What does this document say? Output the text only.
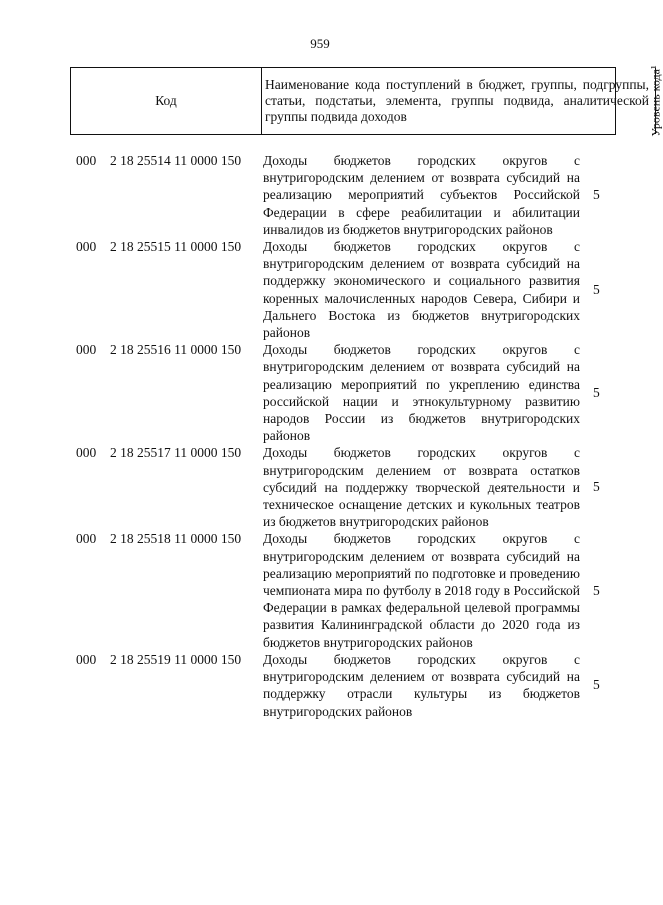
959
Код
Наименование кода поступлений в бюджет, группы, подгруппы, статьи, подстатьи, элемента, группы подвида, аналитической группы подвида доходов	Уровень кода¹
000 2 18 25514 11 0000 150 Доходы бюджетов городских округов с внутригородским делением от возврата субсидий на реализацию мероприятий субъектов Российской Федерации в сфере реабилитации и абилитации инвалидов из бюджетов внутригородских районов
5
000 2 18 25515 11 0000 150 Доходы бюджетов городских округов с внутригородским делением от возврата субсидий на поддержку экономического и социального развития коренных малочисленных народов Севера, Сибири и Дальнего Востока из бюджетов внутригородских районов
5
000 2 18 25516 11 0000 150 Доходы бюджетов городских округов с внутригородским делением от возврата субсидий на реализацию мероприятий по укреплению единства российской нации и этнокультурному развитию народов России из бюджетов внутригородских районов
5
000 2 18 25517 11 0000 150 Доходы бюджетов городских округов с внутригородским делением от возврата остатков субсидий на поддержку творческой деятельности и техническое оснащение детских и кукольных театров из бюджетов внутригородских районов
5
000 2 18 25518 11 0000 150 Доходы бюджетов городских округов с внутригородским делением от возврата субсидий на реализацию мероприятий по подготовке и проведению чемпионата мира по футболу в 2018 году в Российской Федерации в рамках федеральной целевой программы развития Калининградской области до 2020 года из бюджетов внутригородских районов
5
000 2 18 25519 11 0000 150 Доходы бюджетов городских округов с внутригородским делением от возврата субсидий на поддержку отрасли культуры из бюджетов внутригородских районов
5
